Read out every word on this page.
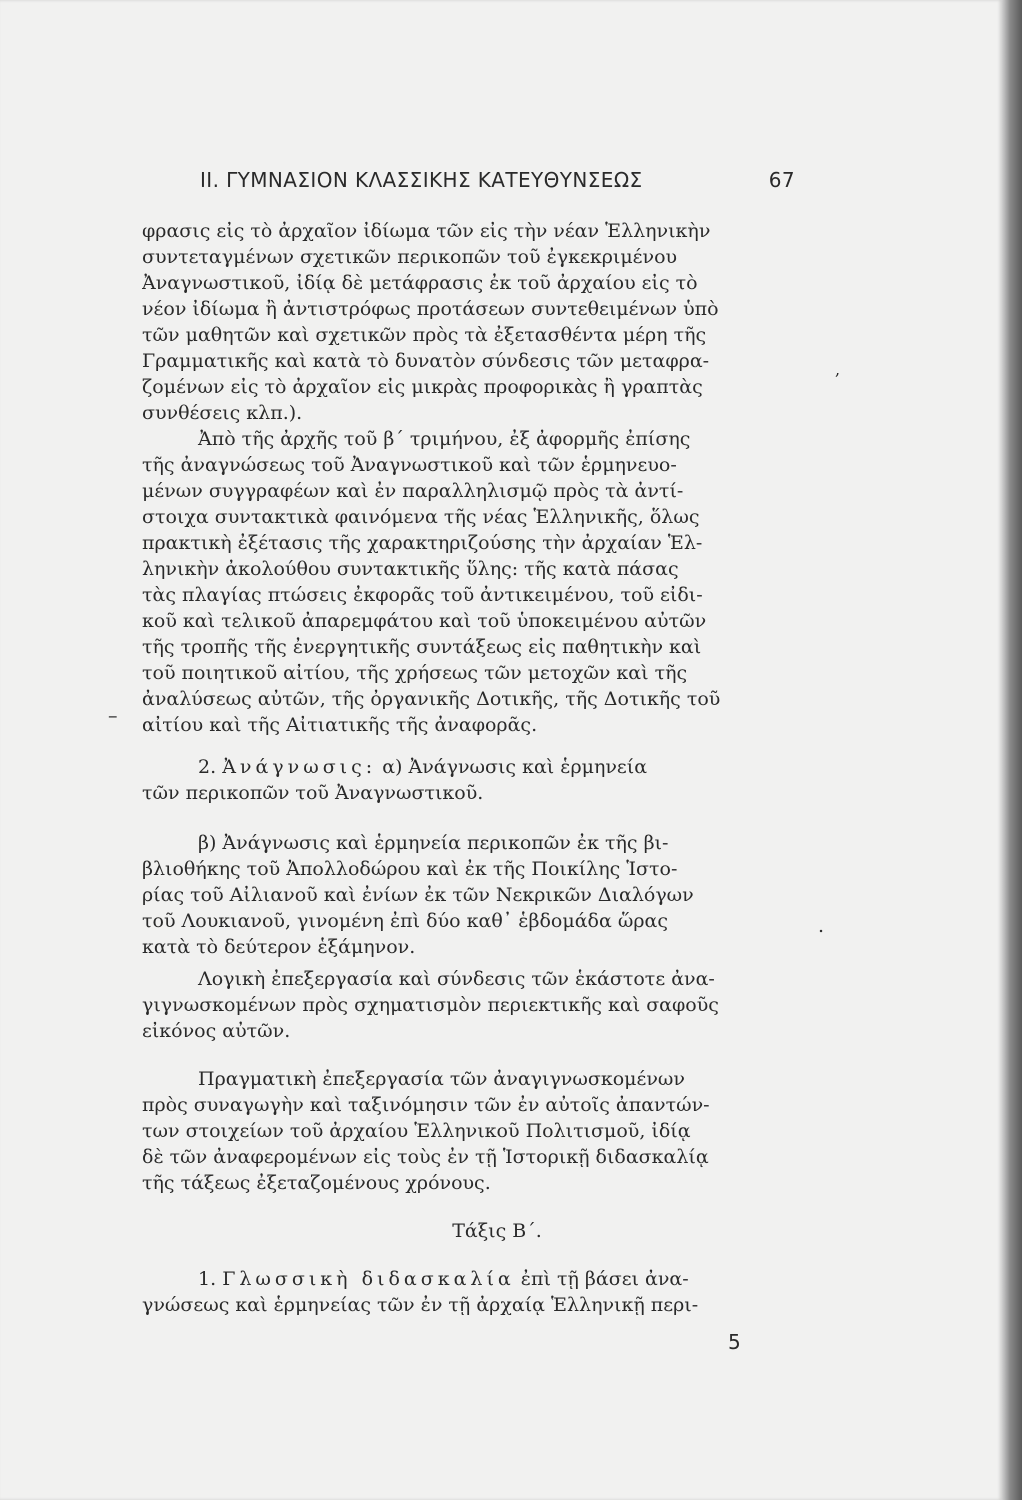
ΙΙ. ΓΥΜΝΑΣΙΟΝ ΚΛΑΣΣΙΚΗΣ ΚΑΤΕΥΘΥΝΣΕΩΣ	67
φρασις εἰς τὸ ἀρχαῖον ἰδίωμα τῶν εἰς τὴν νέαν Ἑλληνικὴν
συντεταγμένων σχετικῶν περικοπῶν τοῦ ἐγκεκριμένου
Ἀναγνωστικοῦ, ἰδίᾳ δὲ μετάφρασις ἐκ τοῦ ἀρχαίου εἰς τὸ
νέον ἰδίωμα ἢ ἀντιστρόφως προτάσεων συντεθειμένων ὑπὸ
τῶν μαθητῶν καὶ σχετικῶν πρὸς τὰ ἐξετασθέντα μέρη τῆς
Γραμματικῆς καὶ κατὰ τὸ δυνατὸν σύνδεσις τῶν μεταφρα-
ζομένων εἰς τὸ ἀρχαῖον εἰς μικρὰς προφορικὰς ἢ γραπτὰς
συνθέσεις κλπ.).
Ἀπὸ τῆς ἀρχῆς τοῦ β΄ τριμήνου, ἐξ ἀφορμῆς ἐπίσης
τῆς ἀναγνώσεως τοῦ Ἀναγνωστικοῦ καὶ τῶν ἑρμηνευο-
μένων συγγραφέων καὶ ἐν παραλληλισμῷ πρὸς τὰ ἀντί-
στοιχα συντακτικὰ φαινόμενα τῆς νέας Ἑλληνικῆς, ὅλως
πρακτικὴ ἐξέτασις τῆς χαρακτηριζούσης τὴν ἀρχαίαν Ἑλ-
ληνικὴν ἀκολούθου συντακτικῆς ὕλης: τῆς κατὰ πάσας
τὰς πλαγίας πτώσεις ἐκφορᾶς τοῦ ἀντικειμένου, τοῦ εἰδι-
κοῦ καὶ τελικοῦ ἀπαρεμφάτου καὶ τοῦ ὑποκειμένου αὐτῶν
τῆς τροπῆς τῆς ἐνεργητικῆς συντάξεως εἰς παθητικὴν καὶ
τοῦ ποιητικοῦ αἰτίου, τῆς χρήσεως τῶν μετοχῶν καὶ τῆς
ἀναλύσεως αὐτῶν, τῆς ὀργανικῆς Δοτικῆς, τῆς Δοτικῆς τοῦ
αἰτίου καὶ τῆς Αἰτιατικῆς τῆς ἀναφορᾶς.
2. Ἀνάγνωσις: α) Ἀνάγνωσις καὶ ἑρμηνεία
τῶν περικοπῶν τοῦ Ἀναγνωστικοῦ.
β) Ἀνάγνωσις καὶ ἑρμηνεία περικοπῶν ἐκ τῆς βι-
βλιοθήκης τοῦ Ἀπολλοδώρου καὶ ἐκ τῆς Ποικίλης Ἱστο-
ρίας τοῦ Αἰλιανοῦ καὶ ἐνίων ἐκ τῶν Νεκρικῶν Διαλόγων
τοῦ Λουκιανοῦ, γινομένη ἐπὶ δύο καθ᾽ ἑβδομάδα ὥρας
κατὰ τὸ δεύτερον ἑξάμηνον.
Λογικὴ ἐπεξεργασία καὶ σύνδεσις τῶν ἑκάστοτε ἀνα-
γιγνωσκομένων πρὸς σχηματισμὸν περιεκτικῆς καὶ σαφοῦς
εἰκόνος αὐτῶν.
Πραγματικὴ ἐπεξεργασία τῶν ἀναγιγνωσκομένων
πρὸς συναγωγὴν καὶ ταξινόμησιν τῶν ἐν αὐτοῖς ἀπαντών-
των στοιχείων τοῦ ἀρχαίου Ἑλληνικοῦ Πολιτισμοῦ, ἰδίᾳ
δὲ τῶν ἀναφερομένων εἰς τοὺς ἐν τῇ Ἱστορικῇ διδασκαλίᾳ
τῆς τάξεως ἐξεταζομένους χρόνους.
Τάξις Β΄.
1. Γλωσσικὴ διδασκαλία ἐπὶ τῇ βάσει ἀνα-
γνώσεως καὶ ἑρμηνείας τῶν ἐν τῇ ἀρχαίᾳ Ἑλληνικῇ περι-
–
.
,
5
